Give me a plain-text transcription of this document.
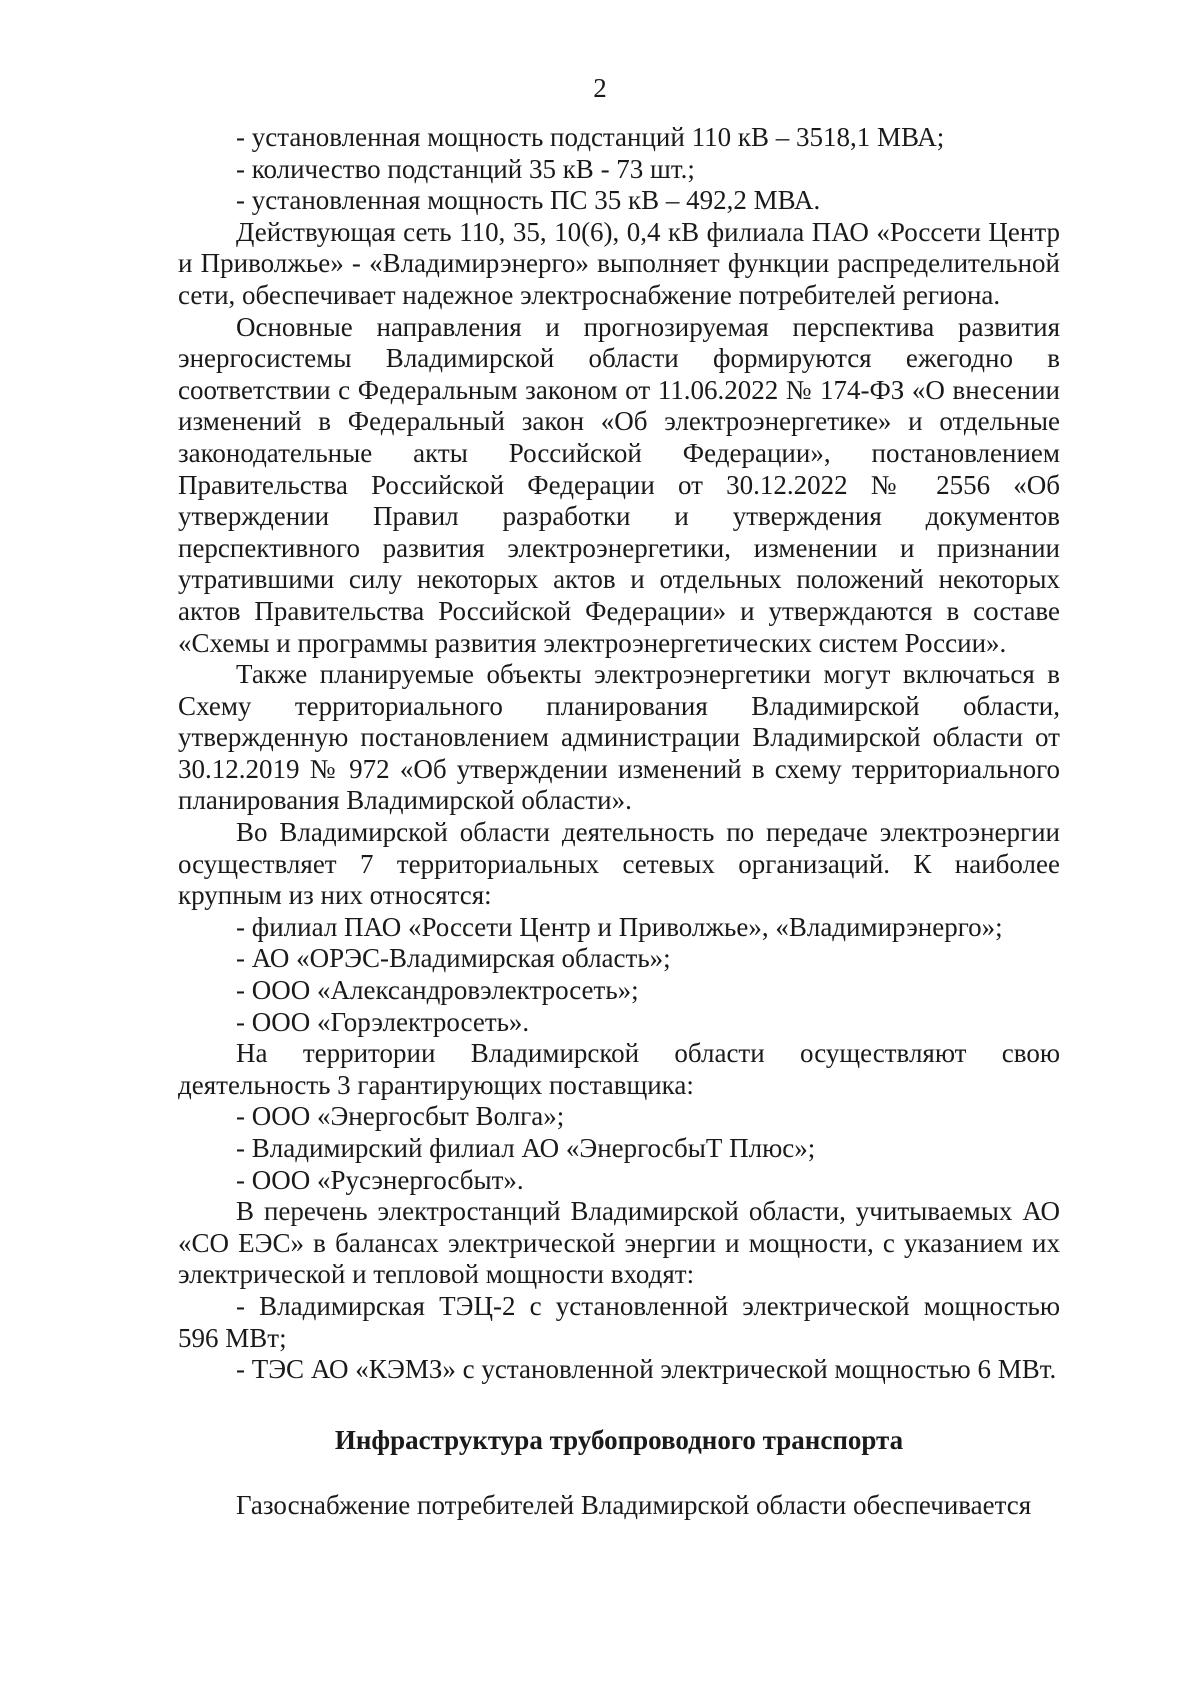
2

- установленная мощность подстанций 110 кВ – 3518,1 МВА;

- количество подстанций 35 кВ - 73 шт.;

- установленная мощность ПС 35 кВ – 492,2 МВА.

Действующая сеть 110, 35, 10(6), 0,4 кВ филиала ПАО «Россети Центр и Приволжье» - «Владимирэнерго» выполняет функции распределительной сети, обеспечивает надежное электроснабжение потребителей региона.

Основные направления и прогнозируемая перспектива развития энергосистемы Владимирской области формируются ежегодно в соответствии с Федеральным законом от 11.06.2022 № 174-ФЗ «О внесении изменений в Федеральный закон «Об электроэнергетике» и отдельные законодательные акты Российской Федерации», постановлением Правительства Российской Федерации от 30.12.2022 № 2556 «Об утверждении Правил разработки и утверждения документов перспективного развития электроэнергетики, изменении и признании утратившими силу некоторых актов и отдельных положений некоторых актов Правительства Российской Федерации» и утверждаются в составе «Схемы и программы развития электроэнергетических систем России».

Также планируемые объекты электроэнергетики могут включаться в Схему территориального планирования Владимирской области, утвержденную постановлением администрации Владимирской области от 30.12.2019 № 972 «Об утверждении изменений в схему территориального планирования Владимирской области».

Во Владимирской области деятельность по передаче электроэнергии осуществляет 7 территориальных сетевых организаций. К наиболее крупным из них относятся:

- филиал ПАО «Россети Центр и Приволжье», «Владимирэнерго»;

- АО «ОРЭС-Владимирская область»;

- ООО «Александровэлектросеть»;

- ООО «Горэлектросеть».

На территории Владимирской области осуществляют свою деятельность 3 гарантирующих поставщика:

- ООО «Энергосбыт Волга»;

- Владимирский филиал АО «ЭнергосбыТ Плюс»;

- ООО «Русэнергосбыт».

В перечень электростанций Владимирской области, учитываемых АО «СО ЕЭС» в балансах электрической энергии и мощности, с указанием их электрической и тепловой мощности входят:

- Владимирская ТЭЦ-2 с установленной электрической мощностью 596 МВт;

- ТЭС АО «КЭМЗ» с установленной электрической мощностью 6 МВт.

Инфраструктура трубопроводного транспорта

Газоснабжение потребителей Владимирской области обеспечивается
